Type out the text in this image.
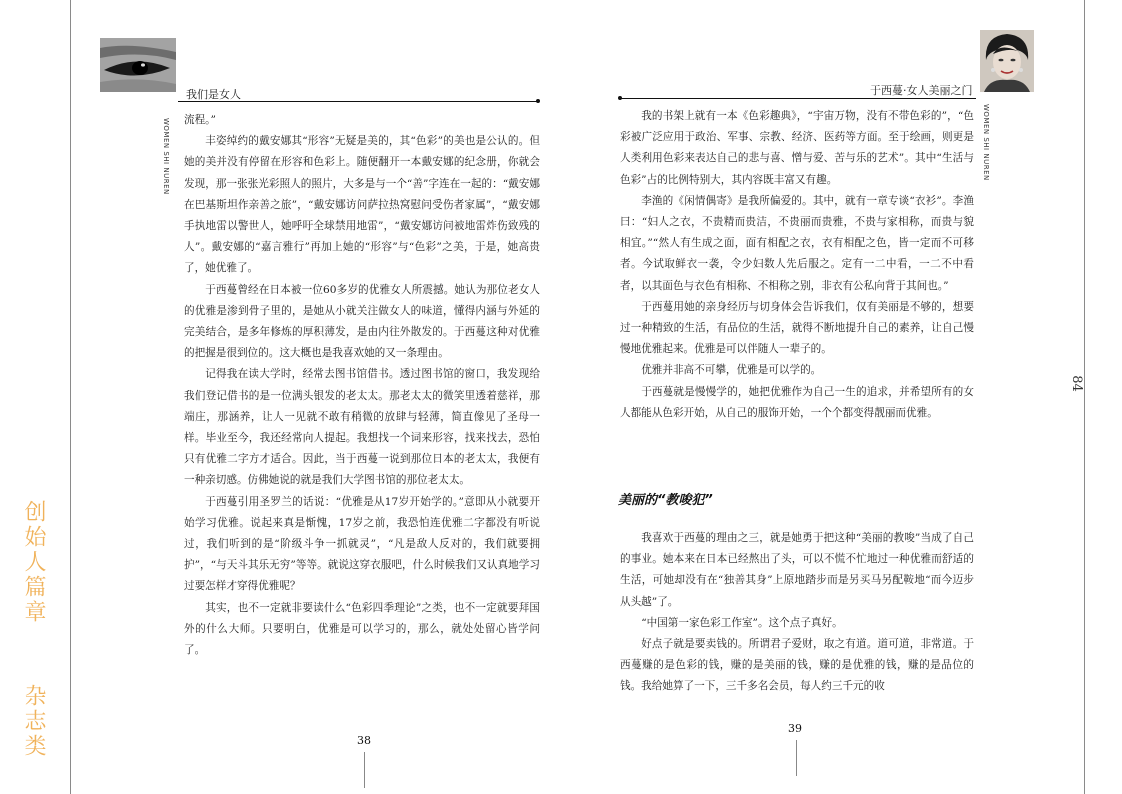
我们是女人
WOMEN SHI NUREN
创始人篇章
杂志类

流程。”

丰姿绰约的戴安娜其“形容”无疑是美的，其“色彩”的美也是公认的。但她的美并没有停留在形容和色彩上。随便翻开一本戴安娜的纪念册，你就会发现，那一张张光彩照人的照片，大多是与一个“善”字连在一起的：“戴安娜在巴基斯坦作亲善之旅”，“戴安娜访问萨拉热窝慰问受伤者家属”，“戴安娜手执地雷以警世人，她呼吁全球禁用地雷”，“戴安娜访问被地雷炸伤致残的人”。戴安娜的“嘉言雅行”再加上她的“形容”与“色彩”之美，于是，她高贵了，她优雅了。

于西蔓曾经在日本被一位60多岁的优雅女人所震撼。她认为那位老女人的优雅是渗到骨子里的，是她从小就关注做女人的味道，懂得内涵与外延的完美结合，是多年修炼的厚积薄发，是由内往外散发的。于西蔓这种对优雅的把握是很到位的。这大概也是我喜欢她的又一条理由。

记得我在读大学时，经常去图书馆借书。透过图书馆的窗口，我发现给我们登记借书的是一位满头银发的老太太。那老太太的微笑里透着慈祥，那端庄，那涵养，让人一见就不敢有稍微的放肆与轻薄，简直像见了圣母一样。毕业至今，我还经常向人提起。我想找一个词来形容，找来找去，恐怕只有优雅二字方才适合。因此，当于西蔓一说到那位日本的老太太，我便有一种亲切感。仿佛她说的就是我们大学图书馆的那位老太太。

于西蔓引用圣罗兰的话说：“优雅是从17岁开始学的。”意即从小就要开始学习优雅。说起来真是惭愧，17岁之前，我恐怕连优雅二字都没有听说过，我们听到的是“阶级斗争一抓就灵”，“凡是敌人反对的，我们就要拥护”，“与天斗其乐无穷”等等。就说这穿衣服吧，什么时候我们又认真地学习过要怎样才穿得优雅呢？

其实，也不一定就非要读什么“色彩四季理论”之类，也不一定就要拜国外的什么大师。只要明白，优雅是可以学习的，那么，就处处留心皆学问了。

38
于西蔓·女人美丽之门
WOMEN SHI NUREN
84

我的书架上就有一本《色彩趣典》，“宇宙万物，没有不带色彩的”，“色彩被广泛应用于政治、军事、宗教、经济、医药等方面。至于绘画，则更是人类利用色彩来表达自己的悲与喜、憎与爱、苦与乐的艺术”。其中“生活与色彩”占的比例特别大，其内容既丰富又有趣。

李渔的《闲情偶寄》是我所偏爱的。其中，就有一章专谈“衣衫”。李渔曰：“妇人之衣，不贵精而贵洁，不贵丽而贵雅，不贵与家相称，而贵与貌相宜。”“然人有生成之面，面有相配之衣，衣有相配之色，皆一定而不可移者。今试取鲜衣一袭，令少妇数人先后服之。定有一二中看，一二不中看者，以其面色与衣色有相称、不相称之别，非衣有公私向背于其间也。”

于西蔓用她的亲身经历与切身体会告诉我们，仅有美丽是不够的，想要过一种精致的生活，有品位的生活，就得不断地提升自己的素养，让自己慢慢地优雅起来。优雅是可以伴随人一辈子的。

优雅并非高不可攀，优雅是可以学的。

于西蔓就是慢慢学的，她把优雅作为自己一生的追求，并希望所有的女人都能从色彩开始，从自己的服饰开始，一个个都变得靓丽而优雅。

美丽的“教唆犯”

我喜欢于西蔓的理由之三，就是她勇于把这种“美丽的教唆”当成了自己的事业。她本来在日本已经熬出了头，可以不慌不忙地过一种优雅而舒适的生活，可她却没有在“独善其身”上原地踏步而是另买马另配鞍地“而今迈步从头越”了。

“中国第一家色彩工作室”。这个点子真好。

好点子就是要卖钱的。所谓君子爱财，取之有道。道可道，非常道。于西蔓赚的是色彩的钱，赚的是美丽的钱，赚的是优雅的钱，赚的是品位的钱。我给她算了一下，三千多名会员，每人约三千元的收

39
